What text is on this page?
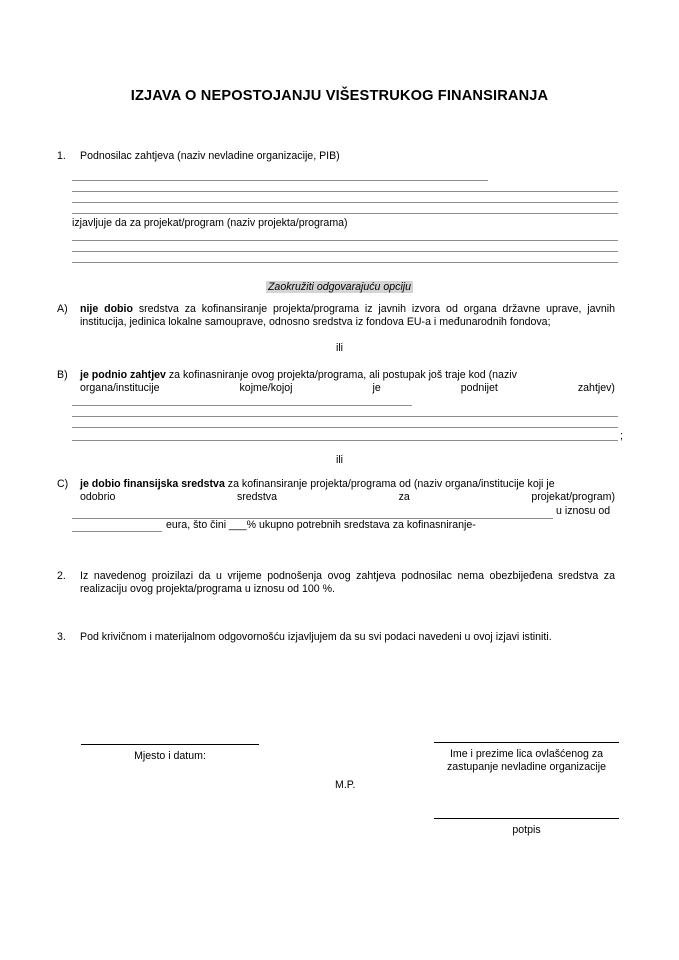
IZJAVA O NEPOSTOJANJU VIŠESTRUKOG FINANSIRANJA
1. Podnosilac zahtjeva (naziv nevladine organizacije, PIB)
izjavljuje da za projekat/program (naziv projekta/programa)
Zaokružiti odgovarajuću opciju
A) nije dobio sredstva za kofinansiranje projekta/programa iz javnih izvora od organa državne uprave, javnih institucija, jedinica lokalne samouprave, odnosno sredstva iz fondova EU-a i međunarodnih fondova;
ili
B) je podnio zahtjev za kofinasniranje ovog projekta/programa, ali postupak još traje kod (naziv
organa/institucije	kojme/kojoj	je	podnijet	zahtjev)
;
ili
C) je dobio finansijska sredstva za kofinansiranje projekta/programa od (naziv organa/institucije koji je
odobrio	sredstva	za	projekat/program)
u iznosu od
eura, što čini ___% ukupno potrebnih sredstava za kofinasniranje-
2. Iz navedenog proizilazi da u vrijeme podnošenja ovog zahtjeva podnosilac nema obezbijeđena sredstva za realizaciju ovog projekta/programa u iznosu od 100 %.
3. Pod krivičnom i materijalnom odgovornošću izjavljujem da su svi podaci navedeni u ovoj izjavi istiniti.
Mjesto i datum:
M.P.
Ime i prezime lica ovlašćenog za zastupanje nevladine organizacije
potpis
